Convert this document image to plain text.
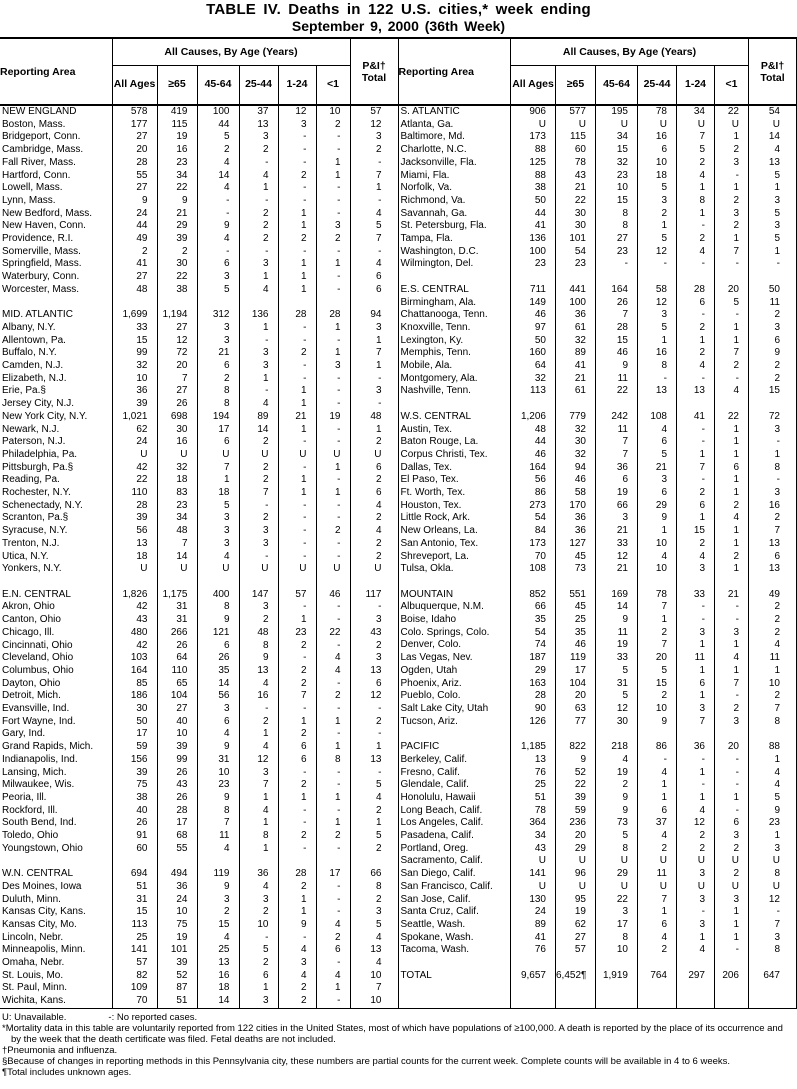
TABLE IV. Deaths in 122 U.S. cities,* week ending
September 9, 2000 (36th Week)
Reporting Area	All Causes, By Age (Years)						P&I† Total
	All Ages	≥65	45-64	25-44	1-24	<1	
NEW ENGLAND	578	419	100	37	12	10	57
Boston, Mass.	177	115	44	13	3	2	12
Bridgeport, Conn.	27	19	5	3	-	-	3
Cambridge, Mass.	20	16	2	2	-	-	2
Fall River, Mass.	28	23	4	-	-	1	-
Hartford, Conn.	55	34	14	4	2	1	7
Lowell, Mass.	27	22	4	1	-	-	1
Lynn, Mass.	9	9	-	-	-	-	-
New Bedford, Mass.	24	21	-	2	1	-	4
New Haven, Conn.	44	29	9	2	1	3	5
Providence, R.I.	49	39	4	2	2	2	7
Somerville, Mass.	2	2	-	-	-	-	-
Springfield, Mass.	41	30	6	3	1	1	4
Waterbury, Conn.	27	22	3	1	1	-	6
Worcester, Mass.	48	38	5	4	1	-	6

MID. ATLANTIC	1,699	1,194	312	136	28	28	94
Albany, N.Y.	33	27	3	1	-	1	3
Allentown, Pa.	15	12	3	-	-	-	1
Buffalo, N.Y.	99	72	21	3	2	1	7
Camden, N.J.	32	20	6	3	-	3	1
Elizabeth, N.J.	10	7	2	1	-	-	-
Erie, Pa.§	36	27	8	-	1	-	3
Jersey City, N.J.	39	26	8	4	1	-	-
New York City, N.Y.	1,021	698	194	89	21	19	48
Newark, N.J.	62	30	17	14	1	-	1
Paterson, N.J.	24	16	6	2	-	-	2
Philadelphia, Pa.	U	U	U	U	U	U	U
Pittsburgh, Pa.§	42	32	7	2	-	1	6
Reading, Pa.	22	18	1	2	1	-	2
Rochester, N.Y.	110	83	18	7	1	1	6
Schenectady, N.Y.	28	23	5	-	-	-	4
Scranton, Pa.§	39	34	3	2	-	-	2
Syracuse, N.Y.	56	48	3	3	-	2	4
Trenton, N.J.	13	7	3	3	-	-	2
Utica, N.Y.	18	14	4	-	-	-	2
Yonkers, N.Y.	U	U	U	U	U	U	U

E.N. CENTRAL	1,826	1,175	400	147	57	46	117
Akron, Ohio	42	31	8	3	-	-	-
Canton, Ohio	43	31	9	2	1	-	3
Chicago, Ill.	480	266	121	48	23	22	43
Cincinnati, Ohio	42	26	6	8	2	-	2
Cleveland, Ohio	103	64	26	9	-	4	3
Columbus, Ohio	164	110	35	13	2	4	13
Dayton, Ohio	85	65	14	4	2	-	6
Detroit, Mich.	186	104	56	16	7	2	12
Evansville, Ind.	30	27	3	-	-	-	-
Fort Wayne, Ind.	50	40	6	2	1	1	2
Gary, Ind.	17	10	4	1	2	-	-
Grand Rapids, Mich.	59	39	9	4	6	1	1
Indianapolis, Ind.	156	99	31	12	6	8	13
Lansing, Mich.	39	26	10	3	-	-	-
Milwaukee, Wis.	75	43	23	7	2	-	5
Peoria, Ill.	38	26	9	1	1	1	4
Rockford, Ill.	40	28	8	4	-	-	2
South Bend, Ind.	26	17	7	1	-	1	1
Toledo, Ohio	91	68	11	8	2	2	5
Youngstown, Ohio	60	55	4	1	-	-	2

W.N. CENTRAL	694	494	119	36	28	17	66
Des Moines, Iowa	51	36	9	4	2	-	8
Duluth, Minn.	31	24	3	3	1	-	2
Kansas City, Kans.	15	10	2	2	1	-	3
Kansas City, Mo.	113	75	15	10	9	4	5
Lincoln, Nebr.	25	19	4	-	-	2	4
Minneapolis, Minn.	141	101	25	5	4	6	13
Omaha, Nebr.	57	39	13	2	3	-	4
St. Louis, Mo.	82	52	16	6	4	4	10
St. Paul, Minn.	109	87	18	1	2	1	7
Wichita, Kans.	70	51	14	3	2	-	10
Reporting Area	All Causes, By Age (Years)						P&I† Total
	All Ages	≥65	45-64	25-44	1-24	<1	
S. ATLANTIC	906	577	195	78	34	22	54
Atlanta, Ga.	U	U	U	U	U	U	U
Baltimore, Md.	173	115	34	16	7	1	14
Charlotte, N.C.	88	60	15	6	5	2	4
Jacksonville, Fla.	125	78	32	10	2	3	13
Miami, Fla.	88	43	23	18	4	-	5
Norfolk, Va.	38	21	10	5	1	1	1
Richmond, Va.	50	22	15	3	8	2	3
Savannah, Ga.	44	30	8	2	1	3	5
St. Petersburg, Fla.	41	30	8	1	-	2	3
Tampa, Fla.	136	101	27	5	2	1	5
Washington, D.C.	100	54	23	12	4	7	1
Wilmington, Del.	23	23	-	-	-	-	-

E.S. CENTRAL	711	441	164	58	28	20	50
Birmingham, Ala.	149	100	26	12	6	5	11
Chattanooga, Tenn.	46	36	7	3	-	-	2
Knoxville, Tenn.	97	61	28	5	2	1	3
Lexington, Ky.	50	32	15	1	1	1	6
Memphis, Tenn.	160	89	46	16	2	7	9
Mobile, Ala.	64	41	9	8	4	2	2
Montgomery, Ala.	32	21	11	-	-	-	2
Nashville, Tenn.	113	61	22	13	13	4	15

W.S. CENTRAL	1,206	779	242	108	41	22	72
Austin, Tex.	48	32	11	4	-	1	3
Baton Rouge, La.	44	30	7	6	-	1	-
Corpus Christi, Tex.	46	32	7	5	1	1	1
Dallas, Tex.	164	94	36	21	7	6	8
El Paso, Tex.	56	46	6	3	-	1	-
Ft. Worth, Tex.	86	58	19	6	2	1	3
Houston, Tex.	273	170	66	29	6	2	16
Little Rock, Ark.	54	36	3	9	1	4	2
New Orleans, La.	84	36	21	1	15	1	7
San Antonio, Tex.	173	127	33	10	2	1	13
Shreveport, La.	70	45	12	4	4	2	6
Tulsa, Okla.	108	73	21	10	3	1	13

MOUNTAIN	852	551	169	78	33	21	49
Albuquerque, N.M.	66	45	14	7	-	-	2
Boise, Idaho	35	25	9	1	-	-	2
Colo. Springs, Colo.	54	35	11	2	3	3	2
Denver, Colo.	74	46	19	7	1	1	4
Las Vegas, Nev.	187	119	33	20	11	4	11
Ogden, Utah	29	17	5	5	1	1	1
Phoenix, Ariz.	163	104	31	15	6	7	10
Pueblo, Colo.	28	20	5	2	1	-	2
Salt Lake City, Utah	90	63	12	10	3	2	7
Tucson, Ariz.	126	77	30	9	7	3	8

PACIFIC	1,185	822	218	86	36	20	88
Berkeley, Calif.	13	9	4	-	-	-	1
Fresno, Calif.	76	52	19	4	1	-	4
Glendale, Calif.	25	22	2	1	-	-	4
Honolulu, Hawaii	51	39	9	1	1	1	5
Long Beach, Calif.	78	59	9	6	4	-	9
Los Angeles, Calif.	364	236	73	37	12	6	23
Pasadena, Calif.	34	20	5	4	2	3	1
Portland, Oreg.	43	29	8	2	2	2	3
Sacramento, Calif.	U	U	U	U	U	U	U
San Diego, Calif.	141	96	29	11	3	2	8
San Francisco, Calif.	U	U	U	U	U	U	U
San Jose, Calif.	130	95	22	7	3	3	12
Santa Cruz, Calif.	24	19	3	1	-	1	-
Seattle, Wash.	89	62	17	6	3	1	7
Spokane, Wash.	41	27	8	4	1	1	3
Tacoma, Wash.	76	57	10	2	4	-	8

TOTAL	9,657	6,452¶	1,919	764	297	206	647

U: Unavailable.	-: No reported cases.
*Mortality data in this table are voluntarily reported from 122 cities in the United States, most of which have populations of ≥100,000. A death is reported by the place of its occurrence and by the week that the death certificate was filed. Fetal deaths are not included.
†Pneumonia and influenza.
§Because of changes in reporting methods in this Pennsylvania city, these numbers are partial counts for the current week. Complete counts will be available in 4 to 6 weeks.
¶Total includes unknown ages.
